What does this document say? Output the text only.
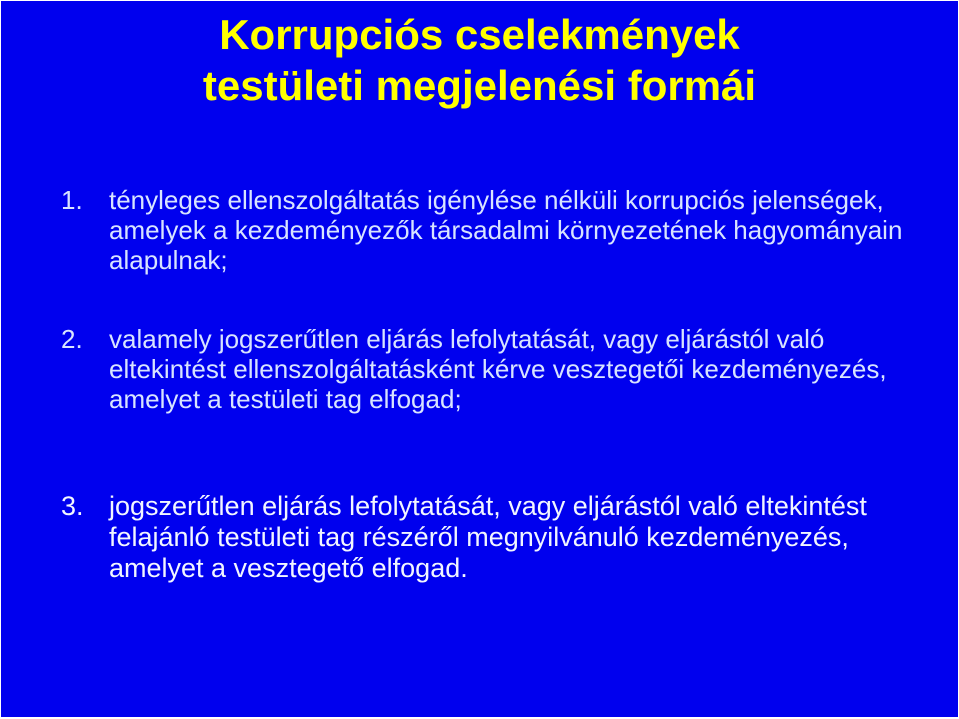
Korrupciós cselekmények
testületi megjelenési formái
1.	tényleges ellenszolgáltatás igénylése nélküli korrupciós jelenségek, amelyek a kezdeményezők társadalmi környezetének hagyományain alapulnak;
2.	valamely jogszerűtlen eljárás lefolytatását, vagy eljárástól való eltekintést ellenszolgáltatásként kérve vesztegetői kezdeményezés, amelyet a testületi tag elfogad;
3. jogszerűtlen eljárás lefolytatását, vagy eljárástól való eltekintést felajánló testületi tag részéről megnyilvánuló kezdeményezés, amelyet a vesztegető elfogad.
